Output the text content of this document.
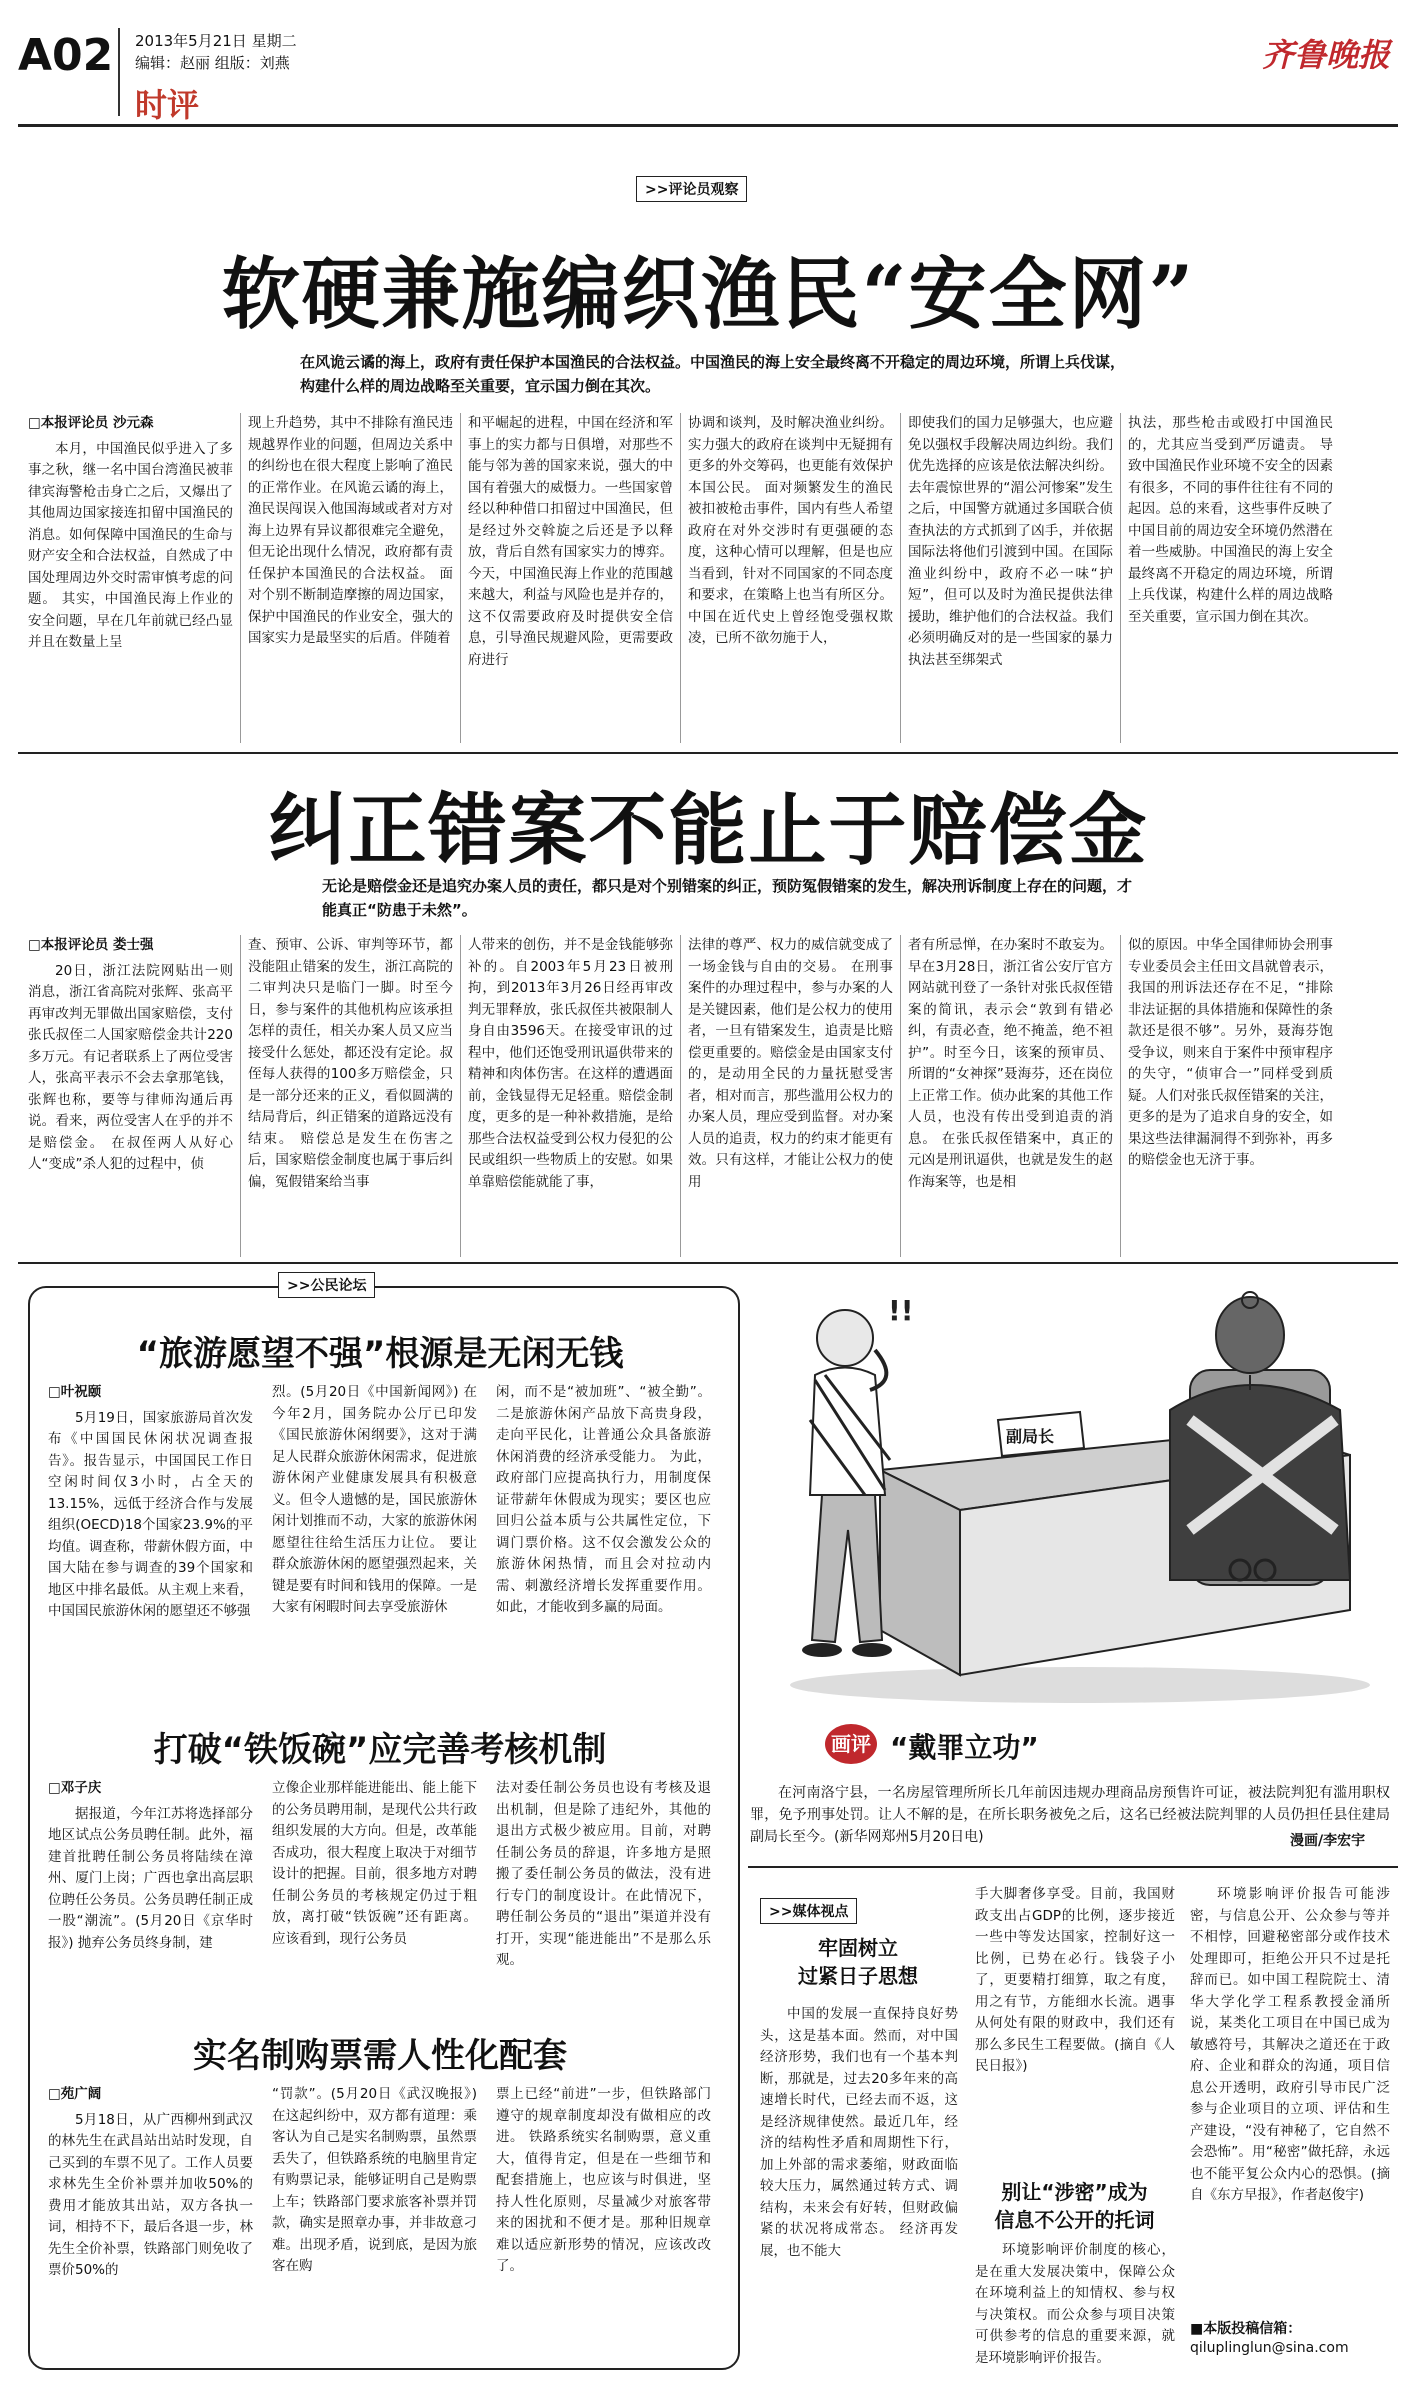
A02 2013年5月21日 星期二
编辑：赵丽 组版：刘燕
时评
齐鲁晚报
>>评论员观察
软硬兼施编织渔民“安全网”
在风诡云谲的海上，政府有责任保护本国渔民的合法权益。中国渔民的海上安全最终离不开稳定的周边环境，所谓上兵伐谋，构建什么样的周边战略至关重要，宜示国力倒在其次。

□本报评论员 沙元森

本月，中国渔民似乎进入了多事之秋，继一名中国台湾渔民被菲律宾海警枪击身亡之后，又爆出了其他周边国家接连扣留中国渔民的消息。如何保障中国渔民的生命与财产安全和合法权益，自然成了中国处理周边外交时需审慎考虑的问题。 其实，中国渔民海上作业的安全问题，早在几年前就已经凸显并且在数量上呈

现上升趋势，其中不排除有渔民违规越界作业的问题，但周边关系中的纠纷也在很大程度上影响了渔民的正常作业。在风诡云谲的海上，渔民误闯误入他国海域或者对方对海上边界有异议都很难完全避免，但无论出现什么情况，政府都有责任保护本国渔民的合法权益。 面对个别不断制造摩擦的周边国家，保护中国渔民的作业安全，强大的国家实力是最坚实的后盾。伴随着

和平崛起的进程，中国在经济和军事上的实力都与日俱增，对那些不能与邻为善的国家来说，强大的中国有着强大的威慑力。一些国家曾经以种种借口扣留过中国渔民，但是经过外交斡旋之后还是予以释放，背后自然有国家实力的博弈。今天，中国渔民海上作业的范围越来越大，利益与风险也是并存的，这不仅需要政府及时提供安全信息，引导渔民规避风险，更需要政府进行

协调和谈判，及时解决渔业纠纷。实力强大的政府在谈判中无疑拥有更多的外交筹码，也更能有效保护本国公民。 面对频繁发生的渔民被扣被枪击事件，国内有些人希望政府在对外交涉时有更强硬的态度，这种心情可以理解，但是也应当看到，针对不同国家的不同态度和要求，在策略上也当有所区分。中国在近代史上曾经饱受强权欺凌，已所不欲勿施于人，

即使我们的国力足够强大，也应避免以强权手段解决周边纠纷。我们优先选择的应该是依法解决纠纷。去年震惊世界的“湄公河惨案”发生之后，中国警方就通过多国联合侦查执法的方式抓到了凶手，并依据国际法将他们引渡到中国。在国际渔业纠纷中，政府不必一味“护短”，但可以及时为渔民提供法律援助，维护他们的合法权益。我们必须明确反对的是一些国家的暴力执法甚至绑架式

执法，那些枪击或殴打中国渔民的，尤其应当受到严厉谴责。 导致中国渔民作业环境不安全的因素有很多，不同的事件往往有不同的起因。总的来看，这些事件反映了中国目前的周边安全环境仍然潜在着一些威胁。中国渔民的海上安全最终离不开稳定的周边环境，所谓上兵伐谋，构建什么样的周边战略至关重要，宣示国力倒在其次。

纠正错案不能止于赔偿金
无论是赔偿金还是追究办案人员的责任，都只是对个别错案的纠正，预防冤假错案的发生，解决刑诉制度上存在的问题，才能真正“防患于未然”。

□本报评论员 娄士强

20日，浙江法院网贴出一则消息，浙江省高院对张辉、张高平再审改判无罪做出国家赔偿，支付张氏叔侄二人国家赔偿金共计220多万元。有记者联系上了两位受害人，张高平表示不会去拿那笔钱，张辉也称，要等与律师沟通后再说。看来，两位受害人在乎的并不是赔偿金。 在叔侄两人从好心人“变成”杀人犯的过程中，侦

查、预审、公诉、审判等环节，都没能阻止错案的发生，浙江高院的二审判决只是临门一脚。时至今日，参与案件的其他机构应该承担怎样的责任，相关办案人员又应当接受什么惩处，都还没有定论。叔侄每人获得的100多万赔偿金，只是一部分还来的正义，看似圆满的结局背后，纠正错案的道路远没有结束。 赔偿总是发生在伤害之后，国家赔偿金制度也属于事后纠偏，冤假错案给当事

人带来的创伤，并不是金钱能够弥补的。自2003年5月23日被刑拘，到2013年3月26日经再审改判无罪释放，张氏叔侄共被限制人身自由3596天。在接受审讯的过程中，他们还饱受刑讯逼供带来的精神和肉体伤害。在这样的遭遇面前，金钱显得无足轻重。赔偿金制度，更多的是一种补救措施，是给那些合法权益受到公权力侵犯的公民或组织一些物质上的安慰。如果单靠赔偿能就能了事，

法律的尊严、权力的威信就变成了一场金钱与自由的交易。 在刑事案件的办理过程中，参与办案的人是关键因素，他们是公权力的使用者，一旦有错案发生，追责是比赔偿更重要的。赔偿金是由国家支付的，是动用全民的力量抚慰受害者，相对而言，那些滥用公权力的办案人员，理应受到监督。对办案人员的追责，权力的约束才能更有效。只有这样，才能让公权力的使用

者有所忌惮，在办案时不敢妄为。早在3月28日，浙江省公安厅官方网站就刊登了一条针对张氏叔侄错案的简讯，表示会“敦到有错必纠，有责必查，绝不掩盖，绝不袒护”。时至今日，该案的预审员、所谓的“女神探”聂海芬，还在岗位上正常工作。侦办此案的其他工作人员，也没有传出受到追责的消息。 在张氏叔侄错案中，真正的元凶是刑讯逼供，也就是发生的赵作海案等，也是相

似的原因。中华全国律师协会刑事专业委员会主任田文昌就曾表示，我国的刑诉法还存在不足，“排除非法证据的具体措施和保障性的条款还是很不够”。另外，聂海芬饱受争议，则来自于案件中预审程序的失守，“侦审合一”同样受到质疑。人们对张氏叔侄错案的关注，更多的是为了追求自身的安全，如果这些法律漏洞得不到弥补，再多的赔偿金也无济于事。

>>公民论坛
“旅游愿望不强”根源是无闲无钱

□叶祝颐

5月19日，国家旅游局首次发布《中国国民休闲状况调查报告》。报告显示，中国国民工作日空闲时间仅3小时，占全天的13.15%，远低于经济合作与发展组织(OECD)18个国家23.9%的平均值。调查称，带薪休假方面，中国大陆在参与调查的39个国家和地区中排名最低。从主观上来看，中国国民旅游休闲的愿望还不够强

烈。(5月20日《中国新闻网》) 在今年2月，国务院办公厅已印发《国民旅游休闲纲要》，这对于满足人民群众旅游休闲需求，促进旅游休闲产业健康发展具有积极意义。但令人遗憾的是，国民旅游休闲计划推而不动，大家的旅游休闲愿望往往给生活压力让位。 要让群众旅游休闲的愿望强烈起来，关键是要有时间和钱用的保障。一是大家有闲暇时间去享受旅游休

闲，而不是“被加班”、“被全勤”。二是旅游休闲产品放下高贵身段，走向平民化，让普通公众具备旅游休闲消费的经济承受能力。 为此，政府部门应提高执行力，用制度保证带薪年休假成为现实；要区也应回归公益本质与公共属性定位，下调门票价格。这不仅会激发公众的旅游休闲热情，而且会对拉动内需、刺激经济增长发挥重要作用。如此，才能收到多赢的局面。

打破“铁饭碗”应完善考核机制

□邓子庆

据报道，今年江苏将选择部分地区试点公务员聘任制。此外，福建首批聘任制公务员将陆续在漳州、厦门上岗；广西也拿出高层职位聘任公务员。公务员聘任制正成一股“潮流”。(5月20日《京华时报》) 抛弃公务员终身制，建

立像企业那样能进能出、能上能下的公务员聘用制，是现代公共行政组织发展的大方向。但是，改革能否成功，很大程度上取决于对细节设计的把握。目前，很多地方对聘任制公务员的考核规定仍过于粗放，离打破“铁饭碗”还有距离。 应该看到，现行公务员

法对委任制公务员也设有考核及退出机制，但是除了违纪外，其他的退出方式极少被应用。目前，对聘任制公务员的辞退，许多地方是照搬了委任制公务员的做法，没有进行专门的制度设计。在此情况下，聘任制公务员的“退出”渠道并没有打开，实现“能进能出”不是那么乐观。

实名制购票需人性化配套

□苑广阔

5月18日，从广西柳州到武汉的林先生在武昌站出站时发现，自己买到的车票不见了。工作人员要求林先生全价补票并加收50%的费用才能放其出站，双方各执一词，相持不下，最后各退一步，林先生全价补票，铁路部门则免收了票价50%的

“罚款”。(5月20日《武汉晚报》) 在这起纠纷中，双方都有道理：乘客认为自己是实名制购票，虽然票丢失了，但铁路系统的电脑里肯定有购票记录，能够证明自己是购票上车；铁路部门要求旅客补票并罚款，确实是照章办事，并非故意刁难。出现矛盾，说到底，是因为旅客在购

票上已经“前进”一步，但铁路部门遵守的规章制度却没有做相应的改进。 铁路系统实名制购票，意义重大，值得肯定，但是在一些细节和配套措施上，也应该与时俱进，坚持人性化原则，尽量减少对旅客带来的困扰和不便才是。那种旧规章难以适应新形势的情况，应该改改了。

副局长
!!
画评 “戴罪立功”

在河南洛宁县，一名房屋管理所所长几年前因违规办理商品房预售许可证，被法院判犯有滥用职权罪，免予刑事处罚。让人不解的是，在所长职务被免之后，这名已经被法院判罪的人员仍担任县住建局副局长至今。(新华网郑州5月20日电)	漫画/李宏宇
>>媒体视点
牢固树立
过紧日子思想

中国的发展一直保持良好势头，这是基本面。然而，对中国经济形势，我们也有一个基本判断，那就是，过去20多年来的高速增长时代，已经去而不返，这是经济规律使然。最近几年，经济的结构性矛盾和周期性下行，加上外部的需求萎缩，财政面临较大压力，属然通过转方式、调结构，未来会有好转，但财政偏紧的状况将成常态。 经济再发展，也不能大

手大脚奢侈享受。目前，我国财政支出占GDP的比例，逐步接近一些中等发达国家，控制好这一比例，已势在必行。钱袋子小了，更要精打细算，取之有度，用之有节，方能细水长流。遇事从何处有限的财政中，我们还有那么多民生工程要做。(摘自《人民日报》)

别让“涉密”成为
信息不公开的托词

环境影响评价制度的核心，是在重大发展决策中，保障公众在环境利益上的知情权、参与权与决策权。而公众参与项目决策可供参考的信息的重要来源，就是环境影响评价报告。

环境影响评价报告可能涉密，与信息公开、公众参与等并不相悖，回避秘密部分或作技术处理即可，拒绝公开只不过是托辞而已。如中国工程院院士、清华大学化学工程系教授金涌所说，某类化工项目在中国已成为敏感符号，其解决之道还在于政府、企业和群众的沟通，项目信息公开透明，政府引导市民广泛参与企业项目的立项、评估和生产建设，“没有神秘了，它自然不会恐怖”。用“秘密”做托辞，永远也不能平复公众内心的恐惧。(摘自《东方早报》，作者赵俊宇)

■本版投稿信箱：
qiluplinglun@sina.com
